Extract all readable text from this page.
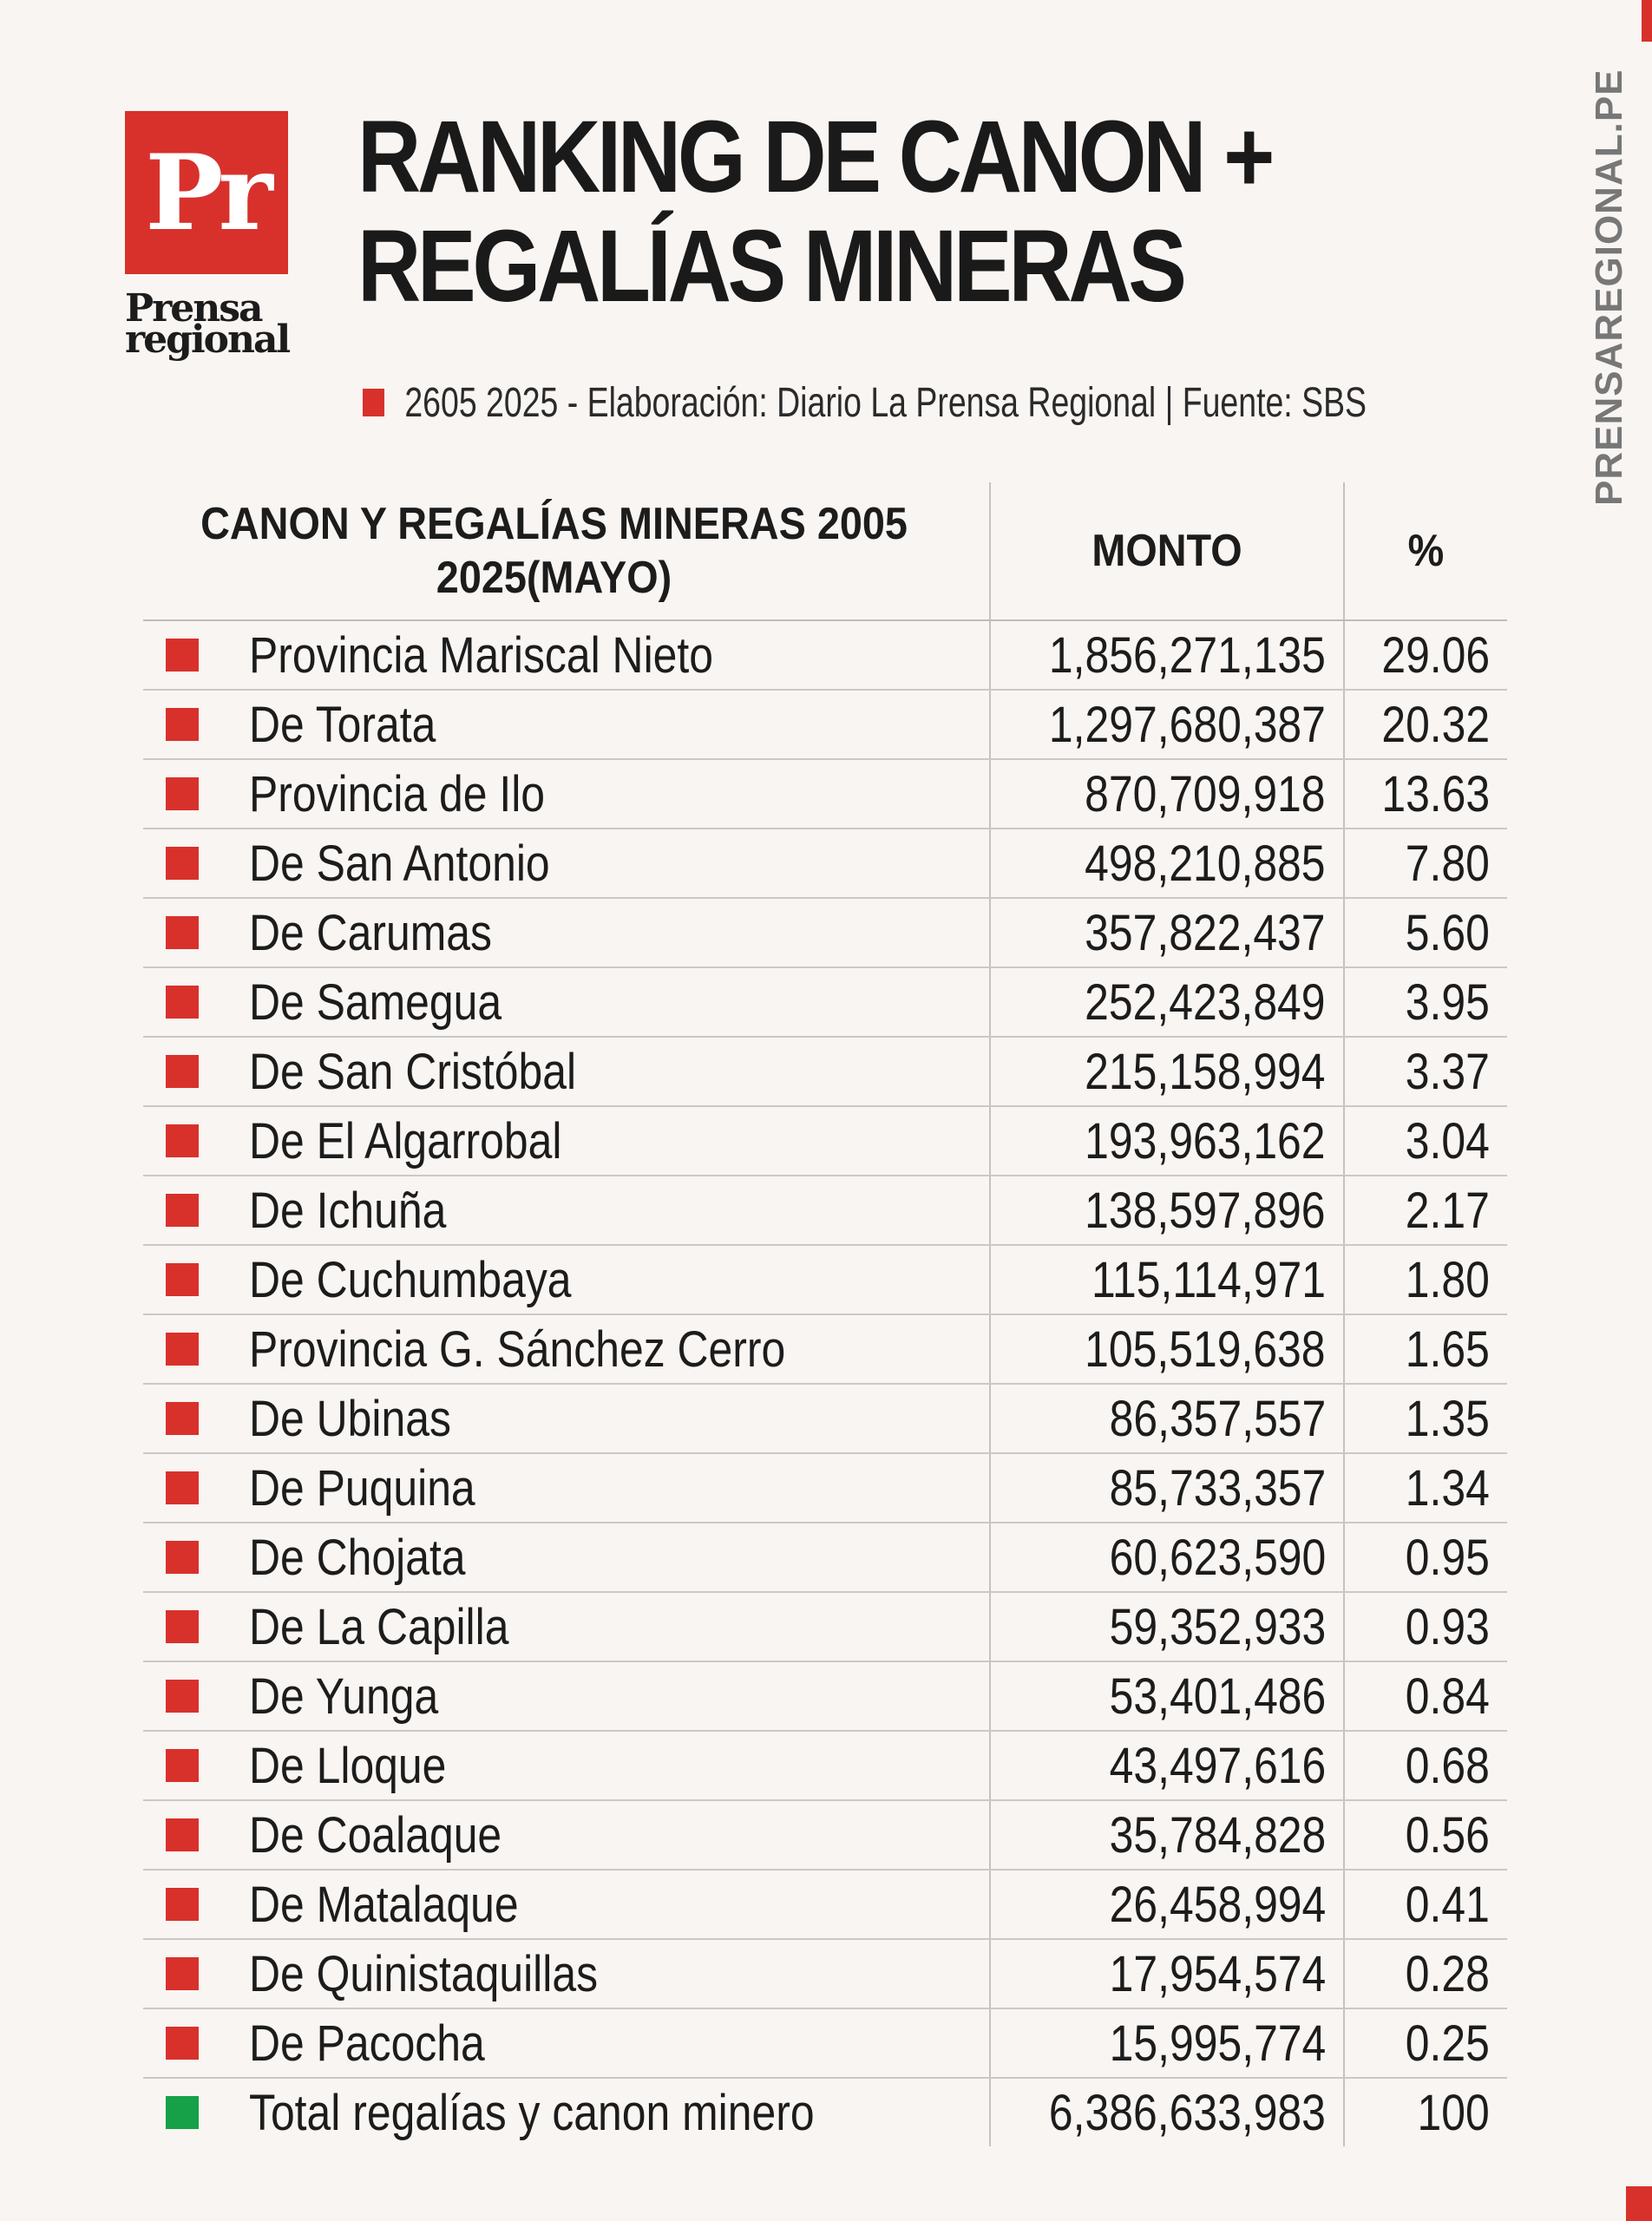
Pr
Prensa
regional
RANKING DE CANON +
REGALÍAS MINERAS
2605 2025 - Elaboración: Diario La Prensa Regional | Fuente: SBS	PRENSAREGIONAL.PE
CANON Y REGALÍAS MINERAS 2005
2025(MAYO)	MONTO	%

Provincia Mariscal Nieto	1,856,271,135	29.06

De Torata	1,297,680,387	20.32

Provincia de Ilo	870,709,918	13.63

De San Antonio	498,210,885	7.80

De Carumas	357,822,437	5.60

De Samegua	252,423,849	3.95

De San Cristóbal	215,158,994	3.37

De El Algarrobal	193,963,162	3.04

De Ichuña	138,597,896	2.17

De Cuchumbaya	115,114,971	1.80

Provincia G. Sánchez Cerro	105,519,638	1.65

De Ubinas	86,357,557	1.35

De Puquina	85,733,357	1.34

De Chojata	60,623,590	0.95

De La Capilla	59,352,933	0.93

De Yunga	53,401,486	0.84

De Lloque	43,497,616	0.68

De Coalaque	35,784,828	0.56

De Matalaque	26,458,994	0.41

De Quinistaquillas	17,954,574	0.28

De Pacocha	15,995,774	0.25

Total regalías y canon minero	6,386,633,983	100
